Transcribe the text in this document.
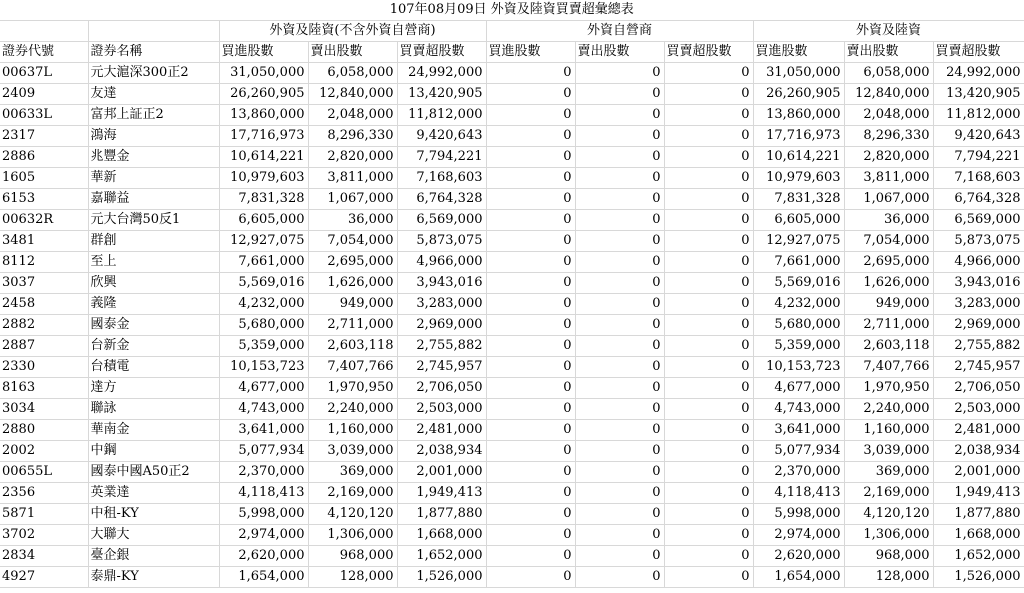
107年08月09日 外資及陸資買賣超彙總表										
		外資及陸資(不含外資自營商)			外資自營商			外資及陸資		
證券代號	證券名稱	買進股數	賣出股數	買賣超股數	買進股數	賣出股數	買賣超股數	買進股數	賣出股數	買賣超股數
00637L	元大滬深300正2	31,050,000	6,058,000	24,992,000	0	0	0	31,050,000	6,058,000	24,992,000
2409	友達	26,260,905	12,840,000	13,420,905	0	0	0	26,260,905	12,840,000	13,420,905
00633L	富邦上証正2	13,860,000	2,048,000	11,812,000	0	0	0	13,860,000	2,048,000	11,812,000
2317	鴻海	17,716,973	8,296,330	9,420,643	0	0	0	17,716,973	8,296,330	9,420,643
2886	兆豐金	10,614,221	2,820,000	7,794,221	0	0	0	10,614,221	2,820,000	7,794,221
1605	華新	10,979,603	3,811,000	7,168,603	0	0	0	10,979,603	3,811,000	7,168,603
6153	嘉聯益	7,831,328	1,067,000	6,764,328	0	0	0	7,831,328	1,067,000	6,764,328
00632R	元大台灣50反1	6,605,000	36,000	6,569,000	0	0	0	6,605,000	36,000	6,569,000
3481	群創	12,927,075	7,054,000	5,873,075	0	0	0	12,927,075	7,054,000	5,873,075
8112	至上	7,661,000	2,695,000	4,966,000	0	0	0	7,661,000	2,695,000	4,966,000
3037	欣興	5,569,016	1,626,000	3,943,016	0	0	0	5,569,016	1,626,000	3,943,016
2458	義隆	4,232,000	949,000	3,283,000	0	0	0	4,232,000	949,000	3,283,000
2882	國泰金	5,680,000	2,711,000	2,969,000	0	0	0	5,680,000	2,711,000	2,969,000
2887	台新金	5,359,000	2,603,118	2,755,882	0	0	0	5,359,000	2,603,118	2,755,882
2330	台積電	10,153,723	7,407,766	2,745,957	0	0	0	10,153,723	7,407,766	2,745,957
8163	達方	4,677,000	1,970,950	2,706,050	0	0	0	4,677,000	1,970,950	2,706,050
3034	聯詠	4,743,000	2,240,000	2,503,000	0	0	0	4,743,000	2,240,000	2,503,000
2880	華南金	3,641,000	1,160,000	2,481,000	0	0	0	3,641,000	1,160,000	2,481,000
2002	中鋼	5,077,934	3,039,000	2,038,934	0	0	0	5,077,934	3,039,000	2,038,934
00655L	國泰中國A50正2	2,370,000	369,000	2,001,000	0	0	0	2,370,000	369,000	2,001,000
2356	英業達	4,118,413	2,169,000	1,949,413	0	0	0	4,118,413	2,169,000	1,949,413
5871	中租-KY	5,998,000	4,120,120	1,877,880	0	0	0	5,998,000	4,120,120	1,877,880
3702	大聯大	2,974,000	1,306,000	1,668,000	0	0	0	2,974,000	1,306,000	1,668,000
2834	臺企銀	2,620,000	968,000	1,652,000	0	0	0	2,620,000	968,000	1,652,000
4927	泰鼎-KY	1,654,000	128,000	1,526,000	0	0	0	1,654,000	128,000	1,526,000
